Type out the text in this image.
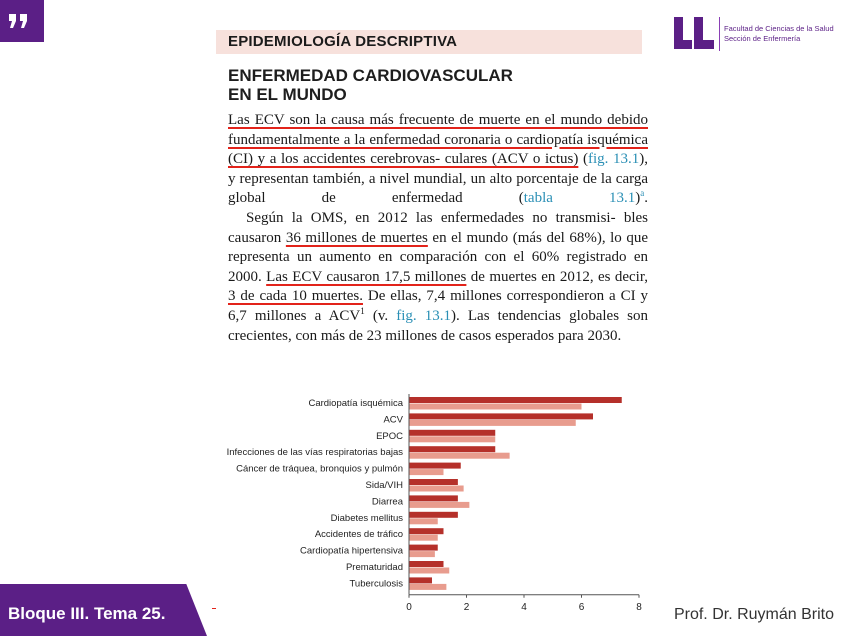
Facultad de Ciencias de la Salud
Sección de Enfermería
EPIDEMIOLOGÍA DESCRIPTIVA
ENFERMEDAD CARDIOVASCULAR
EN EL MUNDO

Las ECV son la causa más frecuente de muerte en el mundo debido fundamentalmente a la enfermedad coronaria o cardiopatía isquémica (CI) y a los accidentes cerebrovas- culares (ACV o ictus) (fig. 13.1), y representan también, a nivel mundial, un alto porcentaje de la carga global de enfermedad (tabla 13.1)$^a$.

Según la OMS, en 2012 las enfermedades no transmisi- bles causaron 36 millones de muertes en el mundo (más del 68%), lo que representa un aumento en comparación con el 60% registrado en 2000. Las ECV causaron 17,5 millones de muertes en 2012, es decir, 3 de cada 10 muertes. De ellas, 7,4 millones correspondieron a CI y 6,7 millones a ACV$^1$ (v. fig. 13.1). Las tendencias globales son crecientes, con más de 23 millones de casos esperados para 2030.

Cardiopatía isquémica
ACV
EPOC
Infecciones de las vías respiratorias bajas
Cáncer de tráquea, bronquios y pulmón
Sida/VIH
Diarrea
Diabetes mellitus
Accidentes de tráfico
Cardiopatía hipertensiva
Prematuridad
Tuberculosis
0	2	4	6	8
Bloque III. Tema 25.	Prof. Dr. Ruymán Brito
